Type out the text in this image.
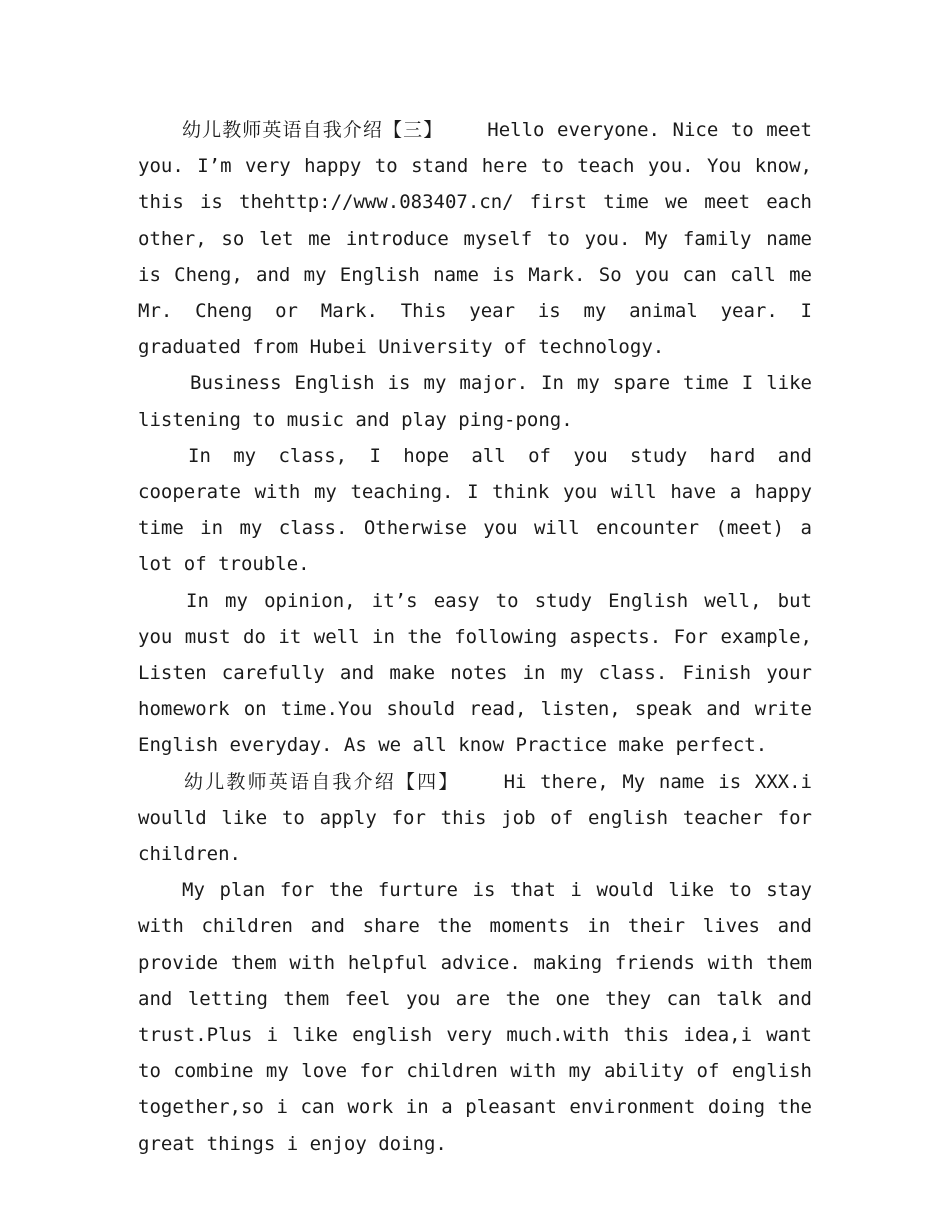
幼儿教师英语自我介绍【三】 Hello everyone. Nice to meet you. I’m very happy to stand here to teach you. You know, this is thehttp://www.083407.cn/ first time we meet each other, so let me introduce myself to you. My family name is Cheng, and my English name is Mark. So you can call me Mr. Cheng or Mark. This year is my animal year. I graduated from Hubei University of technology.

Business English is my major. In my spare time I like listening to music and play ping-pong.

In my class, I hope all of you study hard and cooperate with my teaching. I think you will have a happy time in my class. Otherwise you will encounter (meet) a lot of trouble.

In my opinion, it’s easy to study English well, but you must do it well in the following aspects. For example, Listen carefully and make notes in my class. Finish your homework on time.You should read, listen, speak and write English everyday. As we all know Practice make perfect.

幼儿教师英语自我介绍【四】 Hi there, My name is XXX.i woulld like to apply for this job of english teacher for children.

My plan for the furture is that i would like to stay with children and share the moments in their lives and provide them with helpful advice. making friends with them and letting them feel you are the one they can talk and trust.Plus i like english very much.with this idea,i want to combine my love for children with my ability of english together,so i can work in a pleasant environment doing the great things i enjoy doing.
